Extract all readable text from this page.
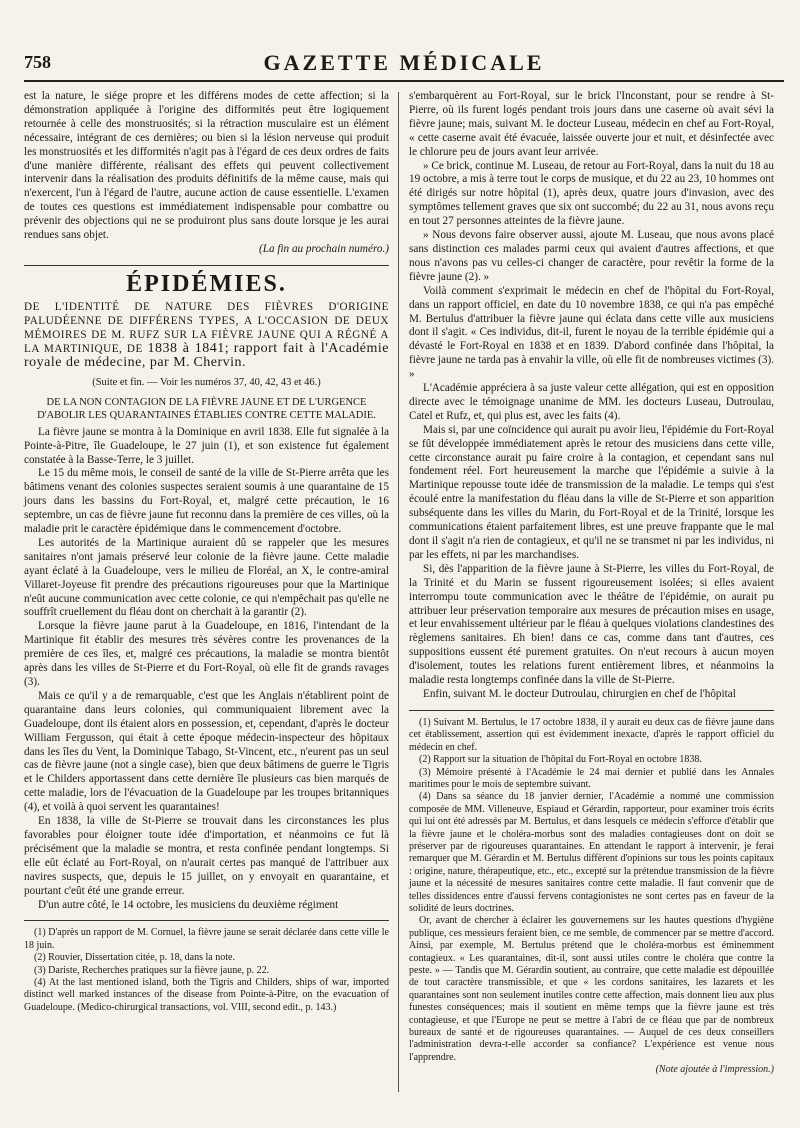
758	GAZETTE MÉDICALE

est la nature, le siége propre et les différens modes de cette affection; si la démonstration appliquée à l'origine des difformités peut être logiquement retournée à celle des monstruosités; si la rétraction musculaire est un élément nécessaire, intégrant de ces dernières; ou bien si la lésion nerveuse qui produit les monstruosités et les difformités n'agit pas à l'égard de ces deux ordres de faits d'une manière différente, réalisant des effets qui peuvent collectivement intervenir dans la réalisation des produits définitifs de la même cause, mais qui n'exercent, l'un à l'égard de l'autre, aucune action de cause essentielle. L'examen de toutes ces questions est immédiatement indispensable pour combattre ou prévenir des objections qui ne se produiront plus sans doute lorsque je les aurai rendues sans objet.

(La fin au prochain numéro.)
ÉPIDÉMIES.
DE L'IDENTITÉ DE NATURE DES FIÈVRES D'ORIGINE PALUDÉENNE DE DIFFÉRENS TYPES, A L'OCCASION DE DEUX MÉMOIRES DE M. RUFZ SUR LA FIÈVRE JAUNE QUI A RÉGNÉ A LA MARTINIQUE, DE 1838 à 1841; rapport fait à l'Académie royale de médecine, par M. Chervin.
(Suite et fin. — Voir les numéros 37, 40, 42, 43 et 46.)
DE LA NON CONTAGION DE LA FIÈVRE JAUNE ET DE L'URGENCE D'ABOLIR LES QUARANTAINES ÉTABLIES CONTRE CETTE MALADIE.

La fièvre jaune se montra à la Dominique en avril 1838. Elle fut signalée à la Pointe-à-Pitre, île Guadeloupe, le 27 juin (1), et son existence fut également constatée à la Basse-Terre, le 3 juillet.

Le 15 du même mois, le conseil de santé de la ville de St-Pierre arrêta que les bâtimens venant des colonies suspectes seraient soumis à une quarantaine de 15 jours dans les bassins du Fort-Royal, et, malgré cette précaution, le 16 septembre, un cas de fièvre jaune fut reconnu dans la première de ces villes, où la maladie prit le caractère épidémique dans le commencement d'octobre.

Les autorités de la Martinique auraient dû se rappeler que les mesures sanitaires n'ont jamais préservé leur colonie de la fièvre jaune. Cette maladie ayant éclaté à la Guadeloupe, vers le milieu de Floréal, an X, le contre-amiral Villaret-Joyeuse fit prendre des précautions rigoureuses pour que la Martinique n'eût aucune communication avec cette colonie, ce qui n'empêchait pas qu'elle ne souffrît cruellement du fléau dont on cherchait à la garantir (2).

Lorsque la fièvre jaune parut à la Guadeloupe, en 1816, l'intendant de la Martinique fit établir des mesures très sévères contre les provenances de la première de ces îles, et, malgré ces précautions, la maladie se montra bientôt après dans les villes de St-Pierre et du Fort-Royal, où elle fit de grands ravages (3).

Mais ce qu'il y a de remarquable, c'est que les Anglais n'établirent point de quarantaine dans leurs colonies, qui communiquaient librement avec la Guadeloupe, dont ils étaient alors en possession, et, cependant, d'après le docteur William Fergusson, qui était à cette époque médecin-inspecteur des hôpitaux dans les îles du Vent, la Dominique Tabago, St-Vincent, etc., n'eurent pas un seul cas de fièvre jaune (not a single case), bien que deux bâtimens de guerre le Tigris et le Childers apportassent dans cette dernière île plusieurs cas bien marqués de cette maladie, lors de l'évacuation de la Guadeloupe par les troupes britanniques (4), et voilà à quoi servent les quarantaines!

En 1838, la ville de St-Pierre se trouvait dans les circonstances les plus favorables pour éloigner toute idée d'importation, et néanmoins ce fut là précisément que la maladie se montra, et resta confinée pendant longtemps. Si elle eût éclaté au Fort-Royal, on n'aurait certes pas manqué de l'attribuer aux navires suspects, que, depuis le 15 juillet, on y envoyait en quarantaine, et pourtant c'eût été une grande erreur.

D'un autre côté, le 14 octobre, les musiciens du deuxième régiment

(1) D'après un rapport de M. Cornuel, la fièvre jaune se serait déclarée dans cette ville le 18 juin.

(2) Rouvier, Dissertation citée, p. 18, dans la note.

(3) Dariste, Recherches pratiques sur la fièvre jaune, p. 22.

(4) At the last mentioned island, both the Tigris and Childers, ships of war, imported distinct well marked instances of the disease from Pointe-à-Pitre, on the evacuation of Guadeloupe. (Medico-chirurgical transactions, vol. VIII, second edit., p. 143.)

s'embarquèrent au Fort-Royal, sur le brick l'Inconstant, pour se rendre à St-Pierre, où ils furent logés pendant trois jours dans une caserne où avait sévi la fièvre jaune; mais, suivant M. le docteur Luseau, médecin en chef au Fort-Royal, « cette caserne avait été évacuée, laissée ouverte jour et nuit, et désinfectée avec le chlorure peu de jours avant leur arrivée.

» Ce brick, continue M. Luseau, de retour au Fort-Royal, dans la nuit du 18 au 19 octobre, a mis à terre tout le corps de musique, et du 22 au 23, 10 hommes ont été dirigés sur notre hôpital (1), après deux, quatre jours d'invasion, avec des symptômes tellement graves que six ont succombé; du 22 au 31, nous avons reçu en tout 27 personnes atteintes de la fièvre jaune.

» Nous devons faire observer aussi, ajoute M. Luseau, que nous avons placé sans distinction ces malades parmi ceux qui avaient d'autres affections, et que nous n'avons pas vu celles-ci changer de caractère, pour revêtir la forme de la fièvre jaune (2). »

Voilà comment s'exprimait le médecin en chef de l'hôpital du Fort-Royal, dans un rapport officiel, en date du 10 novembre 1838, ce qui n'a pas empêché M. Bertulus d'attribuer la fièvre jaune qui éclata dans cette ville aux musiciens dont il s'agit. « Ces individus, dit-il, furent le noyau de la terrible épidémie qui a dévasté le Fort-Royal en 1838 et en 1839. D'abord confinée dans l'hôpital, la fièvre jaune ne tarda pas à envahir la ville, où elle fit de nombreuses victimes (3). »

L'Académie appréciera à sa juste valeur cette allégation, qui est en opposition directe avec le témoignage unanime de MM. les docteurs Luseau, Dutroulau, Catel et Rufz, et, qui plus est, avec les faits (4).

Mais si, par une coïncidence qui aurait pu avoir lieu, l'épidémie du Fort-Royal se fût développée immédiatement après le retour des musiciens dans cette ville, cette circonstance aurait pu faire croire à la contagion, et cependant sans nul fondement réel. Fort heureusement la marche que l'épidémie a suivie à la Martinique repousse toute idée de transmission de la maladie. Le temps qui s'est écoulé entre la manifestation du fléau dans la ville de St-Pierre et son apparition subséquente dans les villes du Marin, du Fort-Royal et de la Trinité, lorsque les communications étaient parfaitement libres, est une preuve frappante que le mal dont il s'agit n'a rien de contagieux, et qu'il ne se transmet ni par les individus, ni par les effets, ni par les marchandises.

Si, dès l'apparition de la fièvre jaune à St-Pierre, les villes du Fort-Royal, de la Trinité et du Marin se fussent rigoureusement isolées; si elles avaient interrompu toute communication avec le théâtre de l'épidémie, on aurait pu attribuer leur préservation temporaire aux mesures de précaution mises en usage, et leur envahissement ultérieur par le fléau à quelques violations clandestines des règlemens sanitaires. Eh bien! dans ce cas, comme dans tant d'autres, ces suppositions eussent été purement gratuites. On n'eut recours à aucun moyen d'isolement, toutes les relations furent entièrement libres, et néanmoins la maladie resta longtemps confinée dans la ville de St-Pierre.

Enfin, suivant M. le docteur Dutroulau, chirurgien en chef de l'hôpital

(1) Suivant M. Bertulus, le 17 octobre 1838, il y aurait eu deux cas de fièvre jaune dans cet établissement, assertion qui est évidemment inexacte, d'après le rapport officiel du médecin en chef.

(2) Rapport sur la situation de l'hôpital du Fort-Royal en octobre 1838.

(3) Mémoire présenté à l'Académie le 24 mai dernier et publié dans les Annales maritimes pour le mois de septembre suivant.

(4) Dans sa séance du 18 janvier dernier, l'Académie a nommé une commission composée de MM. Villeneuve, Espiaud et Gérardin, rapporteur, pour examiner trois écrits qui lui ont été adressés par M. Bertulus, et dans lesquels ce médecin s'efforce d'établir que la fièvre jaune et le choléra-morbus sont des maladies contagieuses dont on doit se préserver par de rigoureuses quarantaines. En attendant le rapport à intervenir, je ferai remarquer que M. Gérardin et M. Bertulus diffèrent d'opinions sur tous les points capitaux : origine, nature, thérapeutique, etc., etc., excepté sur la prétendue transmission de la fièvre jaune et la nécessité de mesures sanitaires contre cette maladie. Il faut convenir que de telles dissidences entre d'aussi fervens contagionistes ne sont certes pas en faveur de la solidité de leurs doctrines.

Or, avant de chercher à éclairer les gouvernemens sur les hautes questions d'hygiène publique, ces messieurs feraient bien, ce me semble, de commencer par se mettre d'accord. Ainsi, par exemple, M. Bertulus prétend que le choléra-morbus est éminemment contagieux. « Les quarantaines, dit-il, sont aussi utiles contre le choléra que contre la peste. » — Tandis que M. Gérardin soutient, au contraire, que cette maladie est dépouillée de tout caractère transmissible, et que « les cordons sanitaires, les lazarets et les quarantaines sont non seulement inutiles contre cette affection, mais donnent lieu aux plus funestes conséquences; mais il soutient en même temps que la fièvre jaune est très contagieuse, et que l'Europe ne peut se mettre à l'abri de ce fléau que par de nombreux bureaux de santé et de rigoureuses quarantaines. — Auquel de ces deux conseillers l'administration devra-t-elle accorder sa confiance? L'expérience est venue nous l'apprendre.

(Note ajoutée à l'impression.)
